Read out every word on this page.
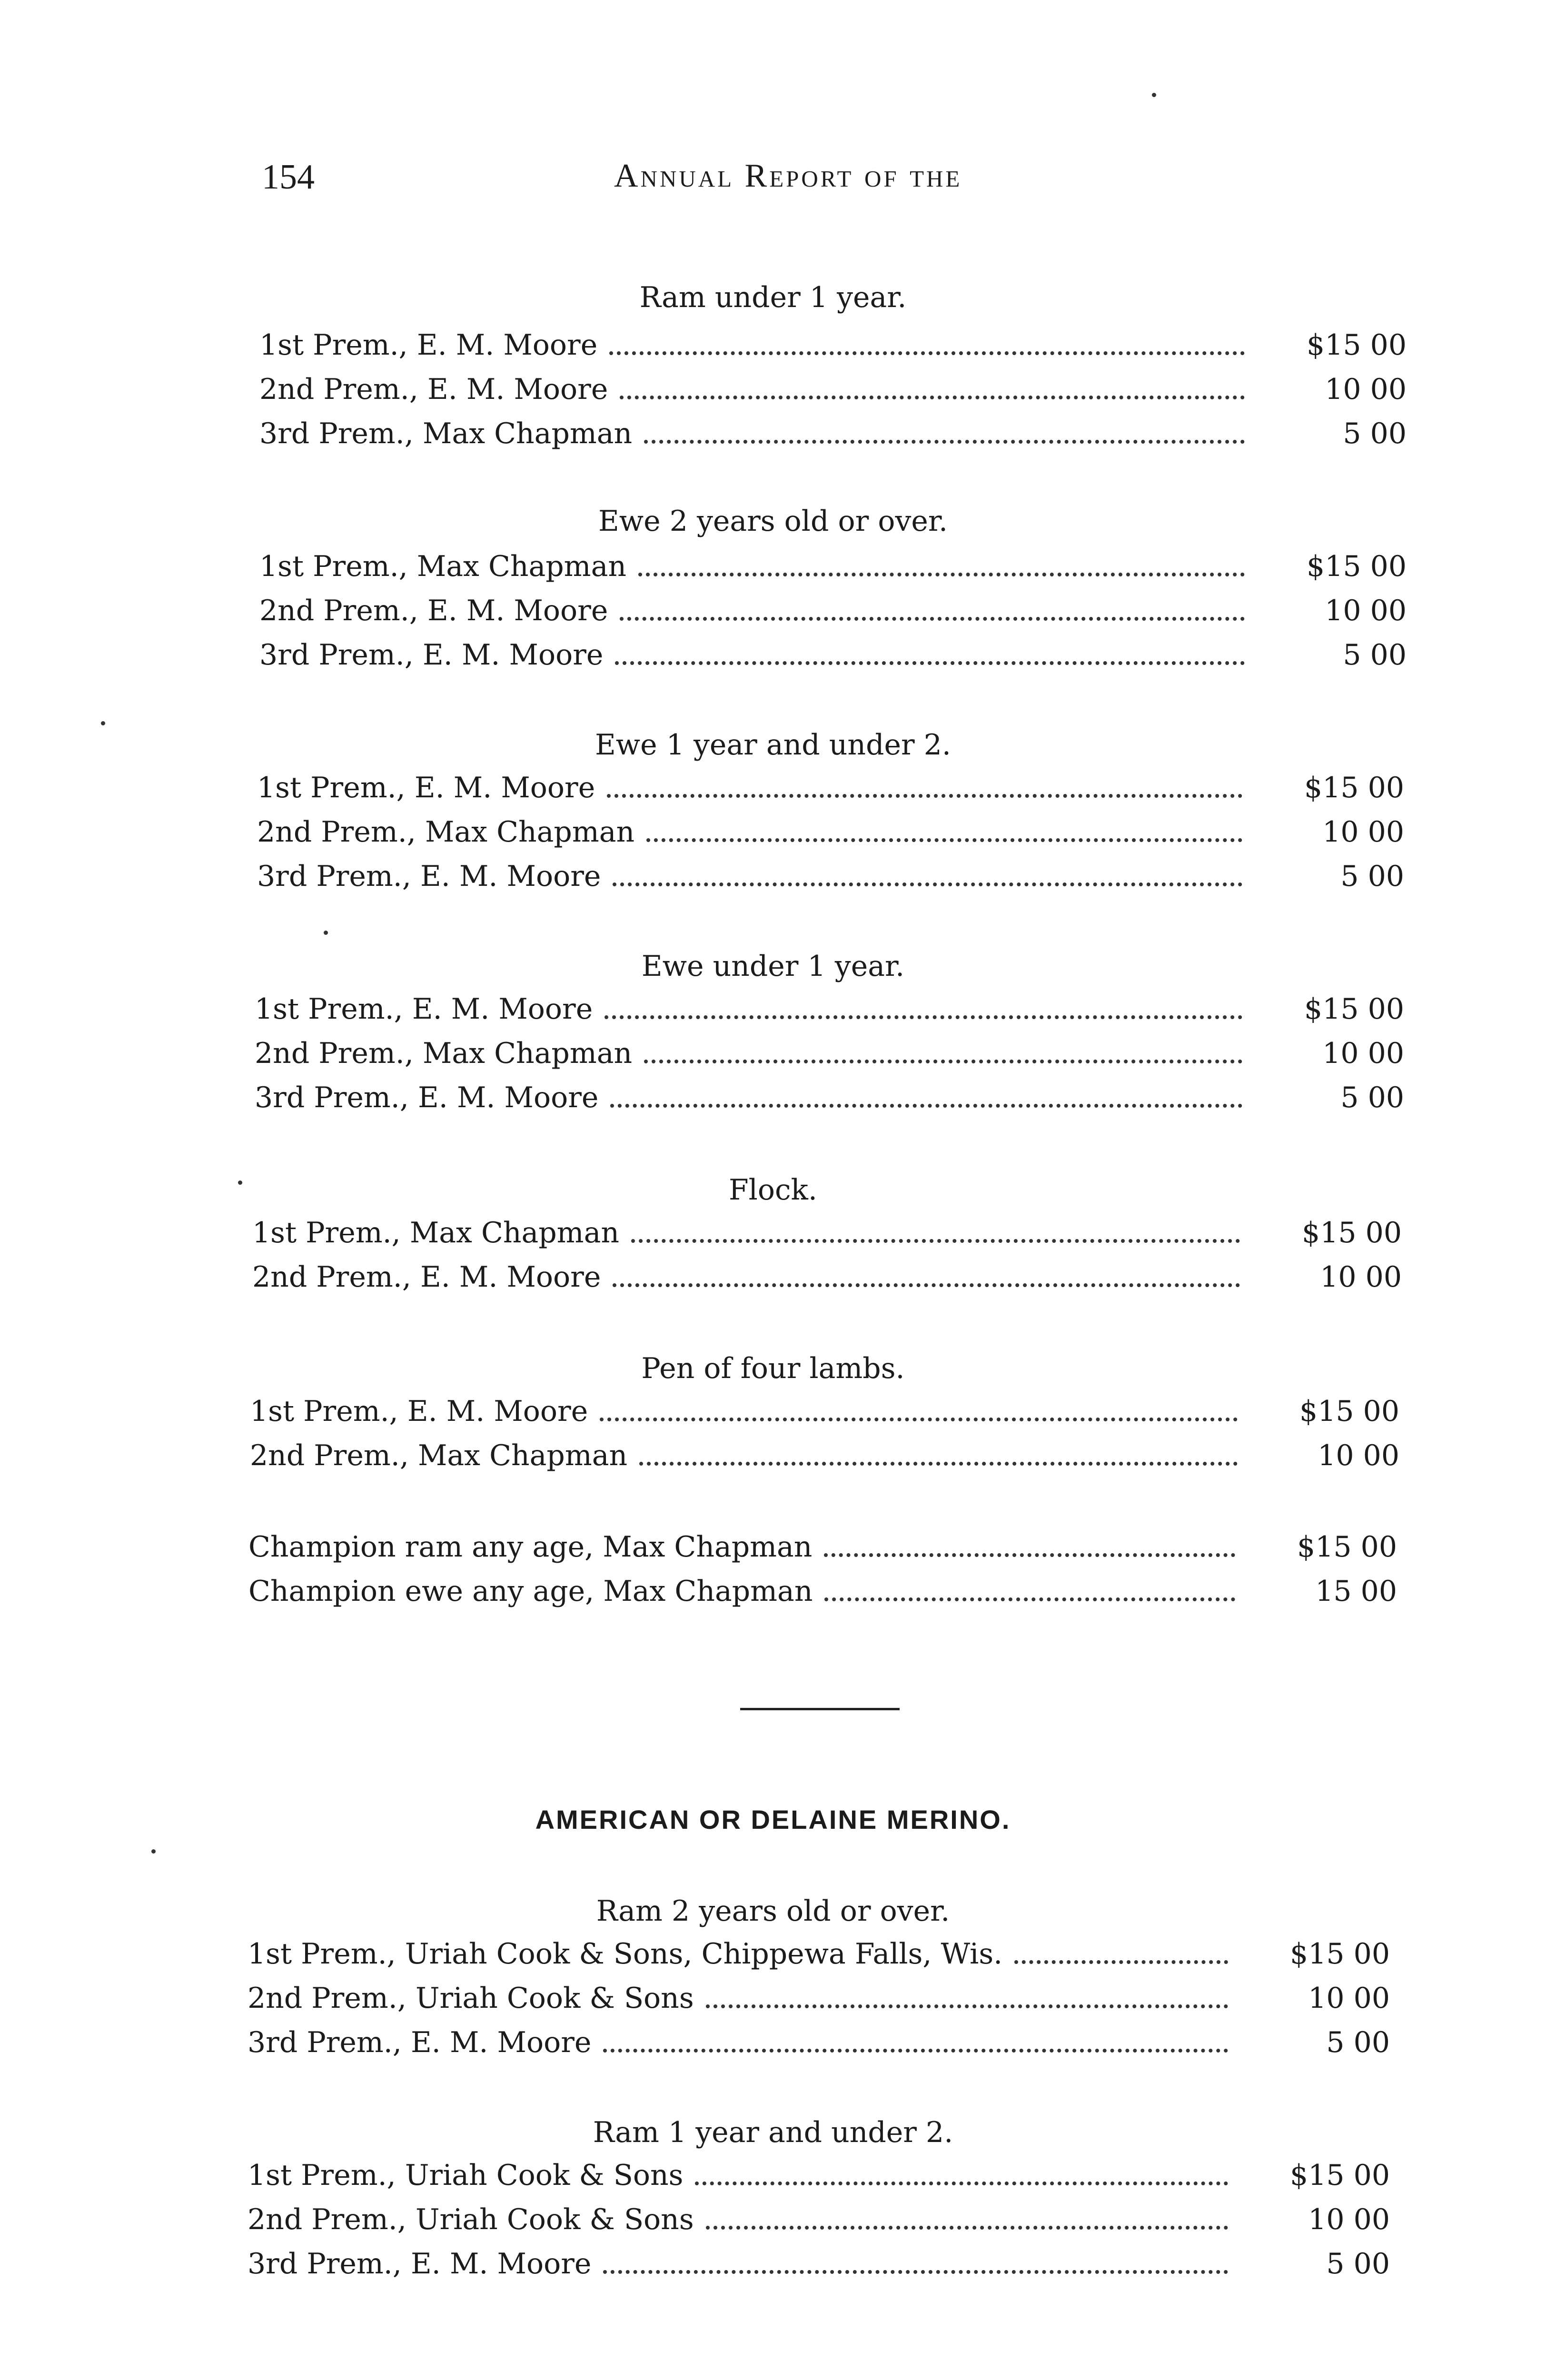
154	Annual Report of the
Ram under 1 year.
1st Prem., E. M. Moore	$15 00
2nd Prem., E. M. Moore	10 00
3rd Prem., Max Chapman	5 00
Ewe 2 years old or over.
1st Prem., Max Chapman	$15 00
2nd Prem., E. M. Moore	10 00
3rd Prem., E. M. Moore	5 00
Ewe 1 year and under 2.
1st Prem., E. M. Moore	$15 00
2nd Prem., Max Chapman	10 00
3rd Prem., E. M. Moore	5 00
Ewe under 1 year.
1st Prem., E. M. Moore	$15 00
2nd Prem., Max Chapman	10 00
3rd Prem., E. M. Moore	5 00
Flock.
1st Prem., Max Chapman	$15 00
2nd Prem., E. M. Moore	10 00
Pen of four lambs.
1st Prem., E. M. Moore	$15 00
2nd Prem., Max Chapman	10 00
Champion ram any age, Max Chapman	$15 00
Champion ewe any age, Max Chapman	15 00
Ram 2 years old or over.
1st Prem., Uriah Cook & Sons, Chippewa Falls, Wis.	$15 00
2nd Prem., Uriah Cook & Sons	10 00
3rd Prem., E. M. Moore	5 00
Ram 1 year and under 2.
1st Prem., Uriah Cook & Sons	$15 00
2nd Prem., Uriah Cook & Sons	10 00
3rd Prem., E. M. Moore	5 00
AMERICAN OR DELAINE MERINO.
